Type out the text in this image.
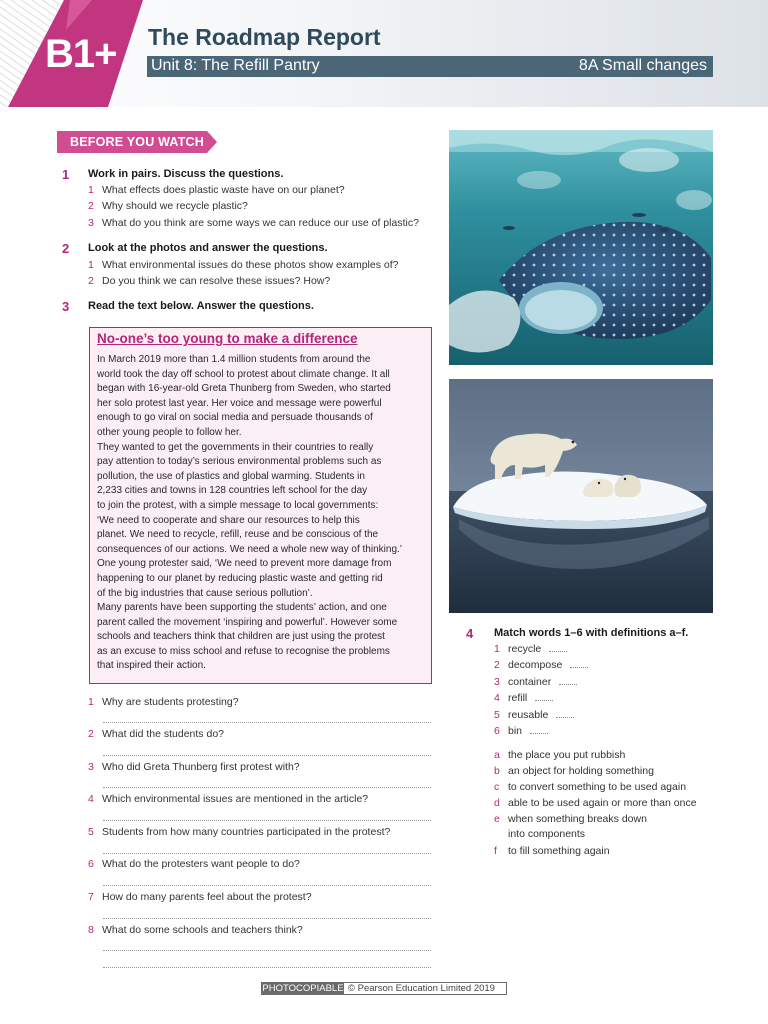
B1+ The Roadmap Report
Unit 8: The Refill Pantry	8A Small changes
BEFORE YOU WATCH
1 Work in pairs. Discuss the questions.
1 What effects does plastic waste have on our planet?
2 Why should we recycle plastic?
3 What do you think are some ways we can reduce our use of plastic?
2 Look at the photos and answer the questions.
1 What environmental issues do these photos show examples of?
2 Do you think we can resolve these issues? How?
3 Read the text below. Answer the questions.
No-one’s too young to make a difference

In March 2019 more than 1.4 million students from around the

world took the day off school to protest about climate change. It all

began with 16-year-old Greta Thunberg from Sweden, who started

her solo protest last year. Her voice and message were powerful

enough to go viral on social media and persuade thousands of

other young people to follow her.

They wanted to get the governments in their countries to really

pay attention to today’s serious environmental problems such as

pollution, the use of plastics and global warming. Students in

2,233 cities and towns in 128 countries left school for the day

to join the protest, with a simple message to local governments:

‘We need to cooperate and share our resources to help this

planet. We need to recycle, refill, reuse and be conscious of the

consequences of our actions. We need a whole new way of thinking.’

One young protester said, ‘We need to prevent more damage from

happening to our planet by reducing plastic waste and getting rid

of the big industries that cause serious pollution’.

Many parents have been supporting the students’ action, and one

parent called the movement ‘inspiring and powerful’. However some

schools and teachers think that children are just using the protest

as an excuse to miss school and refuse to recognise the problems

that inspired their action.

1 Why are students protesting?
2 What did the students do?
3 Who did Greta Thunberg first protest with?
4 Which environmental issues are mentioned in the article?
5 Students from how many countries participated in the protest?
6 What do the protesters want people to do?
7 How do many parents feel about the protest?
8 What do some schools and teachers think?
4 Match words 1–6 with definitions a–f.
1 recycle
2 decompose
3 container
4 refill
5 reusable
6 bin
a the place you put rubbish
b an object for holding something
c to convert something to be used again
d able to be used again or more than once
e when something breaks down
into components
f to fill something again
PHOTOCOPIABLE © Pearson Education Limited 2019
